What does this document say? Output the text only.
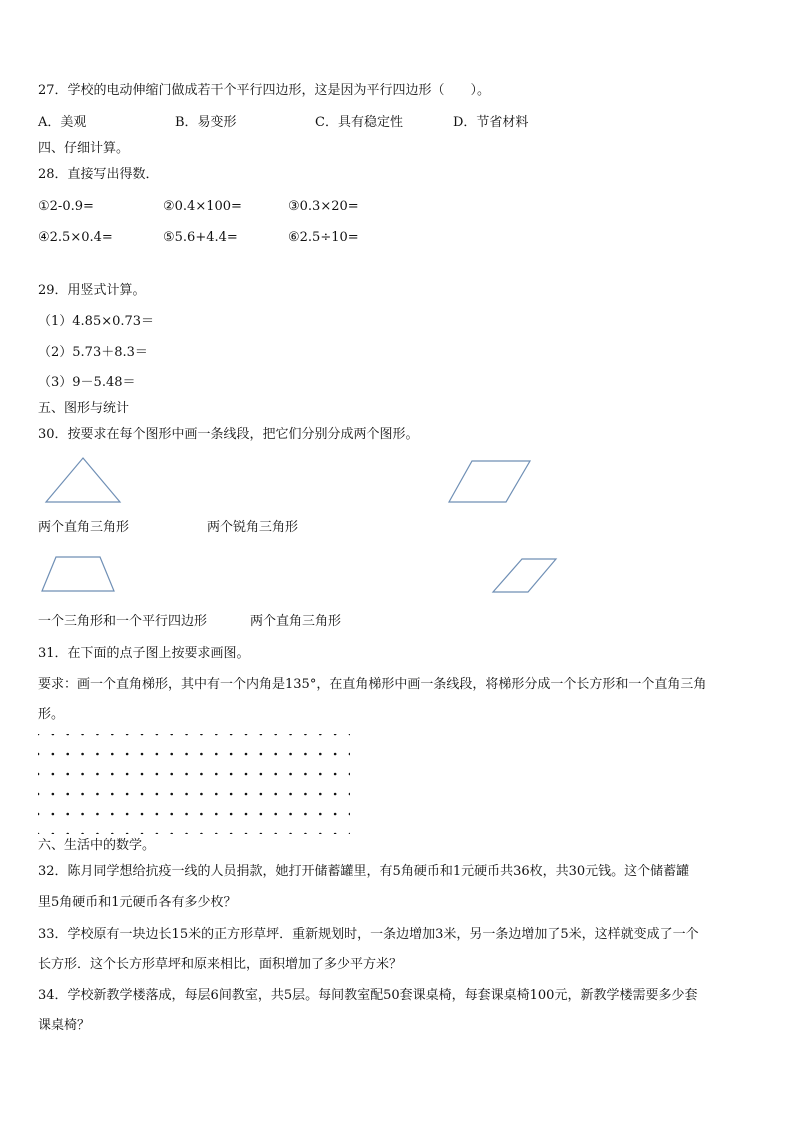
27．学校的电动伸缩门做成若干个平行四边形，这是因为平行四边形（　　）。
A．美观	B．易变形	C．具有稳定性	D．节省材料
四、仔细计算。
28．直接写出得数．
①2-0.9=	②0.4×100=	③0.3×20=
④2.5×0.4=	⑤5.6+4.4=	⑥2.5÷10=
29．用竖式计算。
（1）4.85×0.73＝
（2）5.73＋8.3＝
（3）9－5.48＝
五、图形与统计
30．按要求在每个图形中画一条线段，把它们分别分成两个图形。
两个直角三角形	两个锐角三角形
一个三角形和一个平行四边形	两个直角三角形
31．在下面的点子图上按要求画图。
要求：画一个直角梯形，其中有一个内角是135°，在直角梯形中画一条线段，将梯形分成一个长方形和一个直角三角
形。
六、生活中的数学。
32．陈月同学想给抗疫一线的人员捐款，她打开储蓄罐里，有5角硬币和1元硬币共36枚，共30元钱。这个储蓄罐
里5角硬币和1元硬币各有多少枚？
33．学校原有一块边长15米的正方形草坪．重新规划时，一条边增加3米，另一条边增加了5米，这样就变成了一个
长方形．这个长方形草坪和原来相比，面积增加了多少平方米？
34．学校新教学楼落成，每层6间教室，共5层。每间教室配50套课桌椅，每套课桌椅100元，新教学楼需要多少套
课桌椅？
